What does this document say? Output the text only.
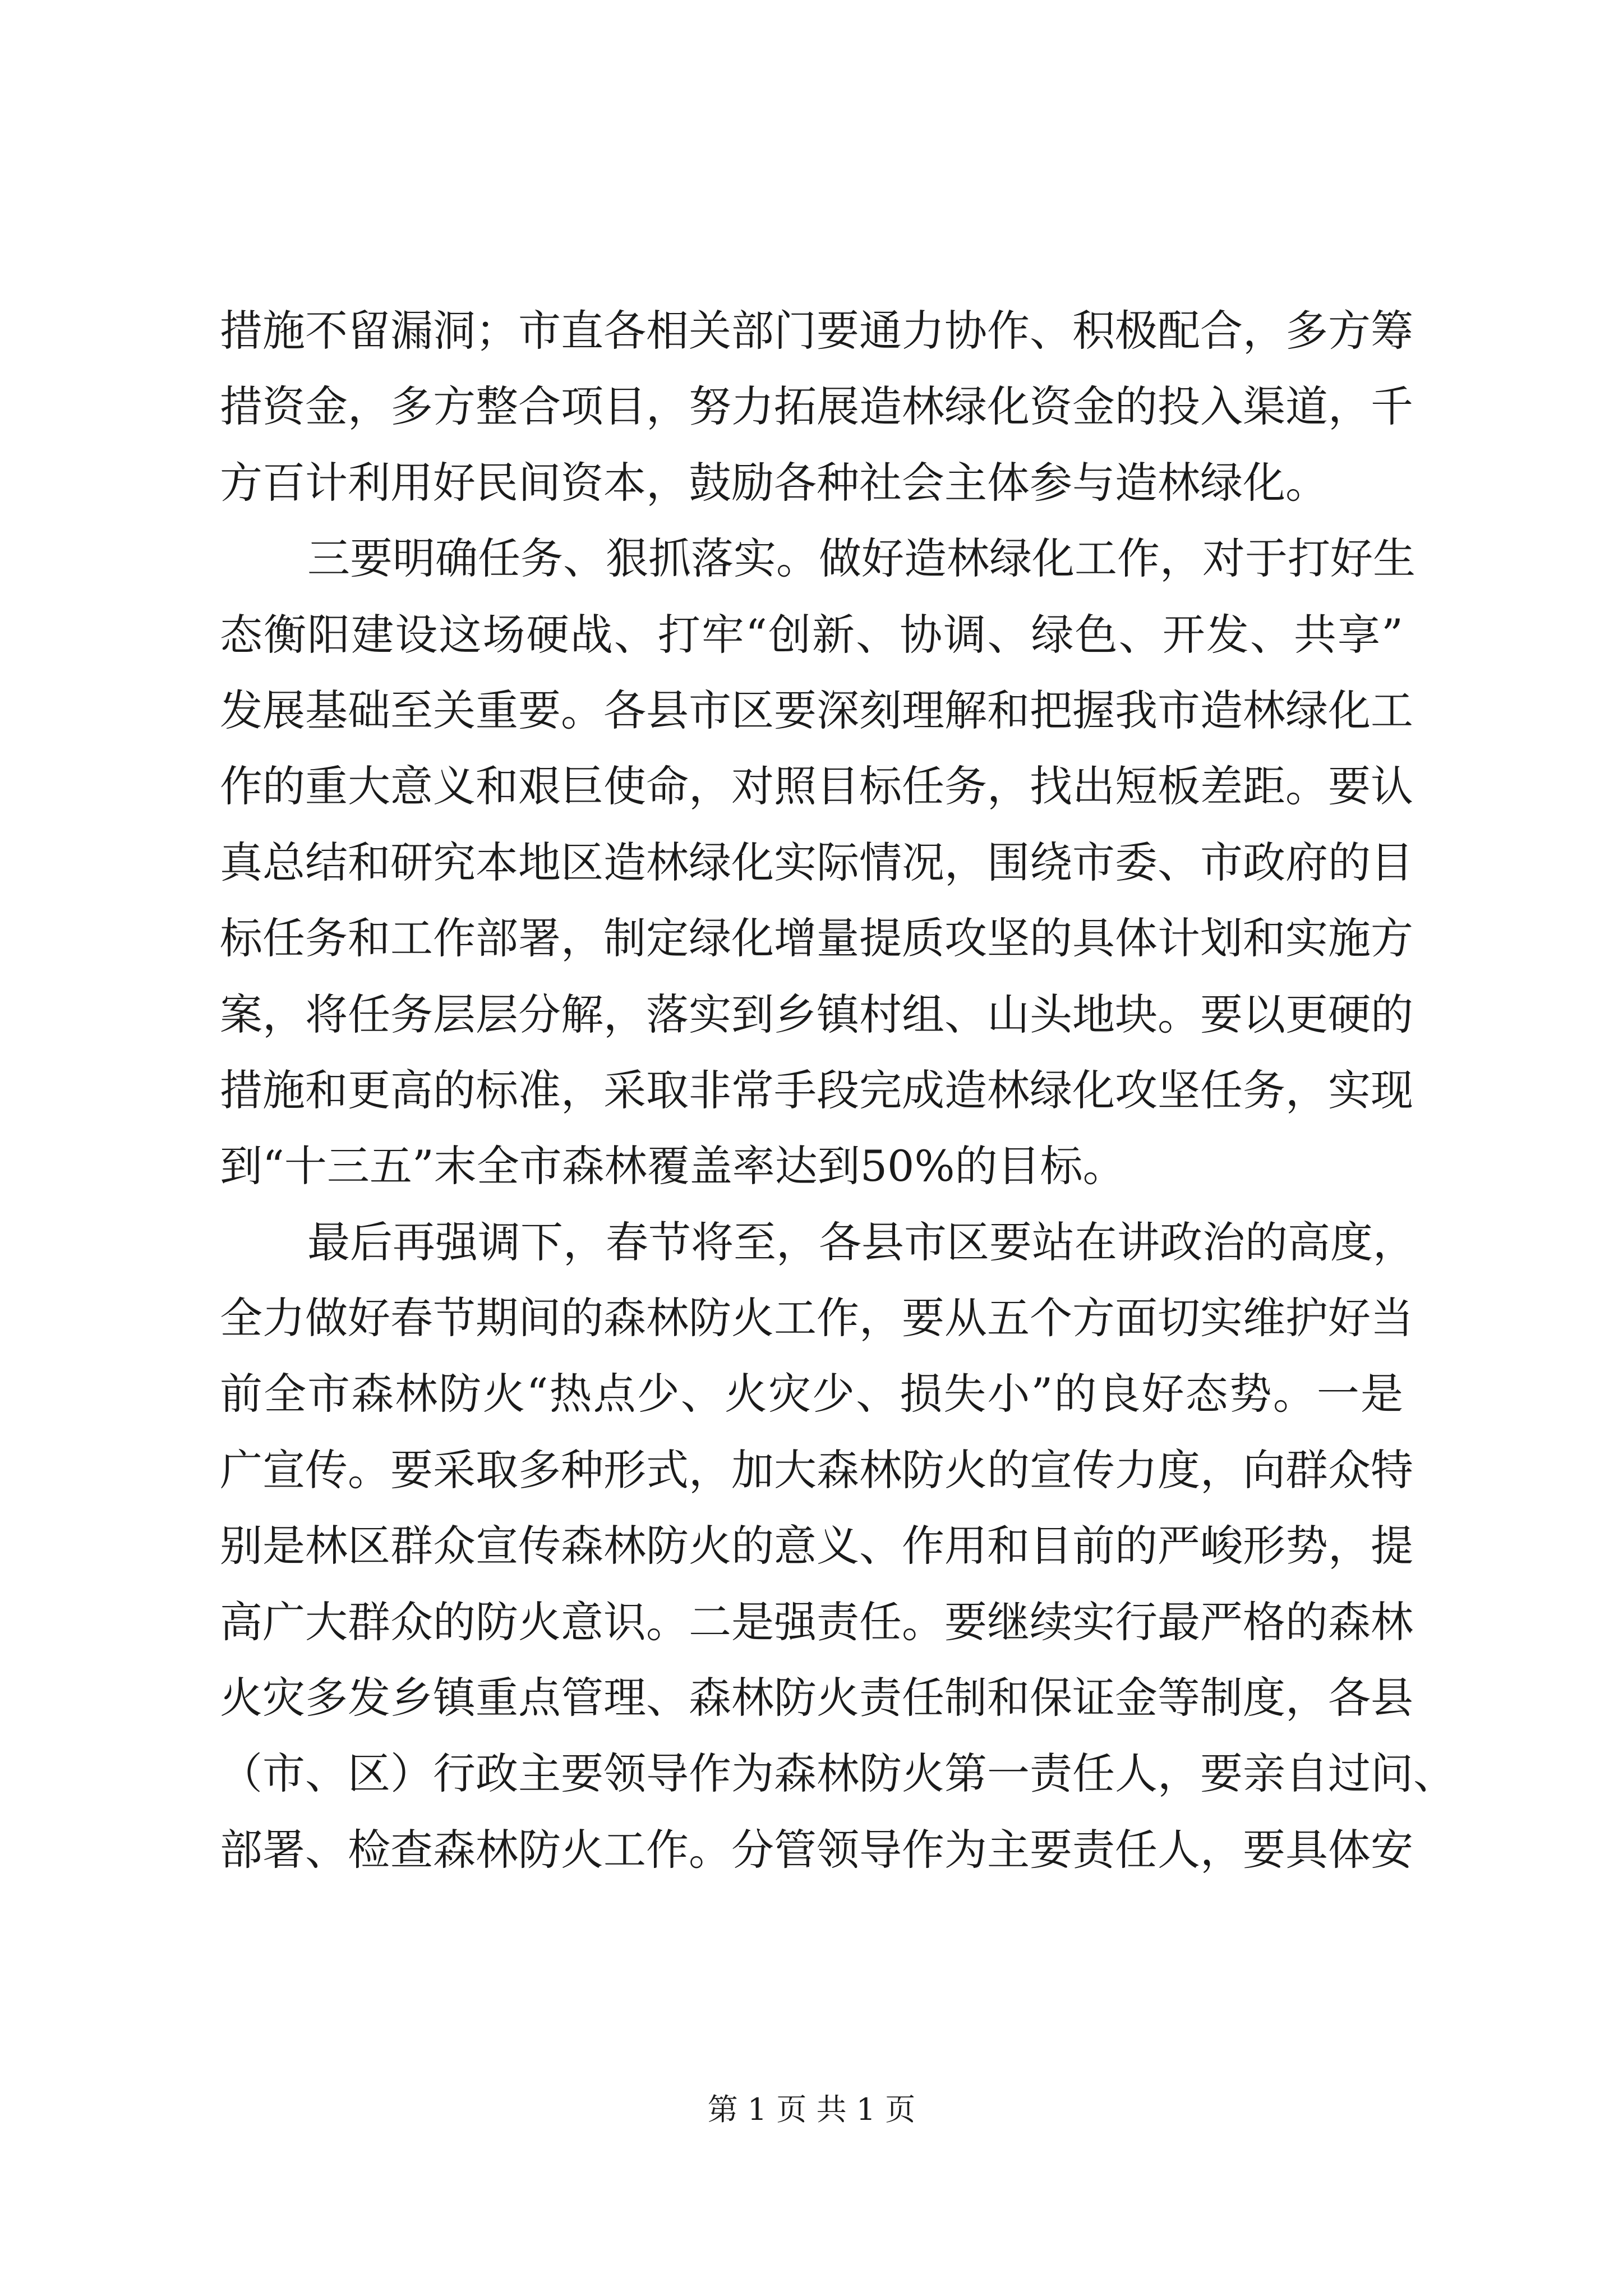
措施不留漏洞；市直各相关部门要通力协作、积极配合，多方筹
措资金，多方整合项目，努力拓展造林绿化资金的投入渠道，千
方百计利用好民间资本，鼓励各种社会主体参与造林绿化。
三要明确任务、狠抓落实。做好造林绿化工作，对于打好生
态衡阳建设这场硬战、打牢“创新、协调、绿色、开发、共享”
发展基础至关重要。各县市区要深刻理解和把握我市造林绿化工
作的重大意义和艰巨使命，对照目标任务，找出短板差距。要认
真总结和研究本地区造林绿化实际情况，围绕市委、市政府的目
标任务和工作部署，制定绿化增量提质攻坚的具体计划和实施方
案，将任务层层分解，落实到乡镇村组、山头地块。要以更硬的
措施和更高的标准，采取非常手段完成造林绿化攻坚任务，实现
到“十三五”末全市森林覆盖率达到50%的目标。
最后再强调下，春节将至，各县市区要站在讲政治的高度，
全力做好春节期间的森林防火工作，要从五个方面切实维护好当
前全市森林防火“热点少、火灾少、损失小”的良好态势。一是
广宣传。要采取多种形式，加大森林防火的宣传力度，向群众特
别是林区群众宣传森林防火的意义、作用和目前的严峻形势，提
高广大群众的防火意识。二是强责任。要继续实行最严格的森林
火灾多发乡镇重点管理、森林防火责任制和保证金等制度，各县
（市、区）行政主要领导作为森林防火第一责任人，要亲自过问、
部署、检查森林防火工作。分管领导作为主要责任人，要具体安
第 1 页 共 1 页
